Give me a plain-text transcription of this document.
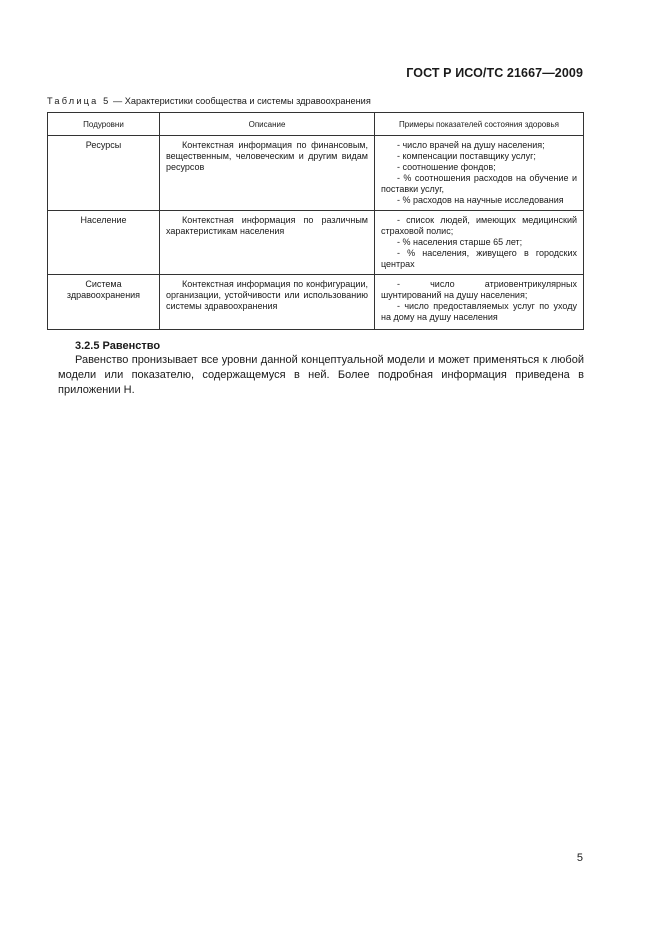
ГОСТ Р ИСО/ТС 21667—2009
Таблица 5 — Характеристики сообщества и системы здравоохранения
Подуровни	Описание	Примеры показателей состояния здоровья
Ресурсы	Контекстная информация по финансовым, вещественным, человеческим и другим видам ресурсов	- число врачей на душу населения;
- компенсации поставщику услуг;
- соотношение фондов;
- % соотношения расходов на обучение и поставки услуг,
- % расходов на научные исследования

Население	Контекстная информация по различным характеристикам населения	- список людей, имеющих медицинский страховой полис;
- % населения старше 65 лет;
- % населения, живущего в городских центрах

Система здравоохранения	Контекстная информация по конфигурации, организации, устойчивости или использованию системы здравоохранения	- число атриовентрикулярных шунтирований на душу населения;
- число предоставляемых услуг по уходу на дому на душу населения
3.2.5 Равенство
Равенство пронизывает все уровни данной концептуальной модели и может применяться к любой модели или показателю, содержащемуся в ней. Более подробная информация приведена в приложении Н.
5
